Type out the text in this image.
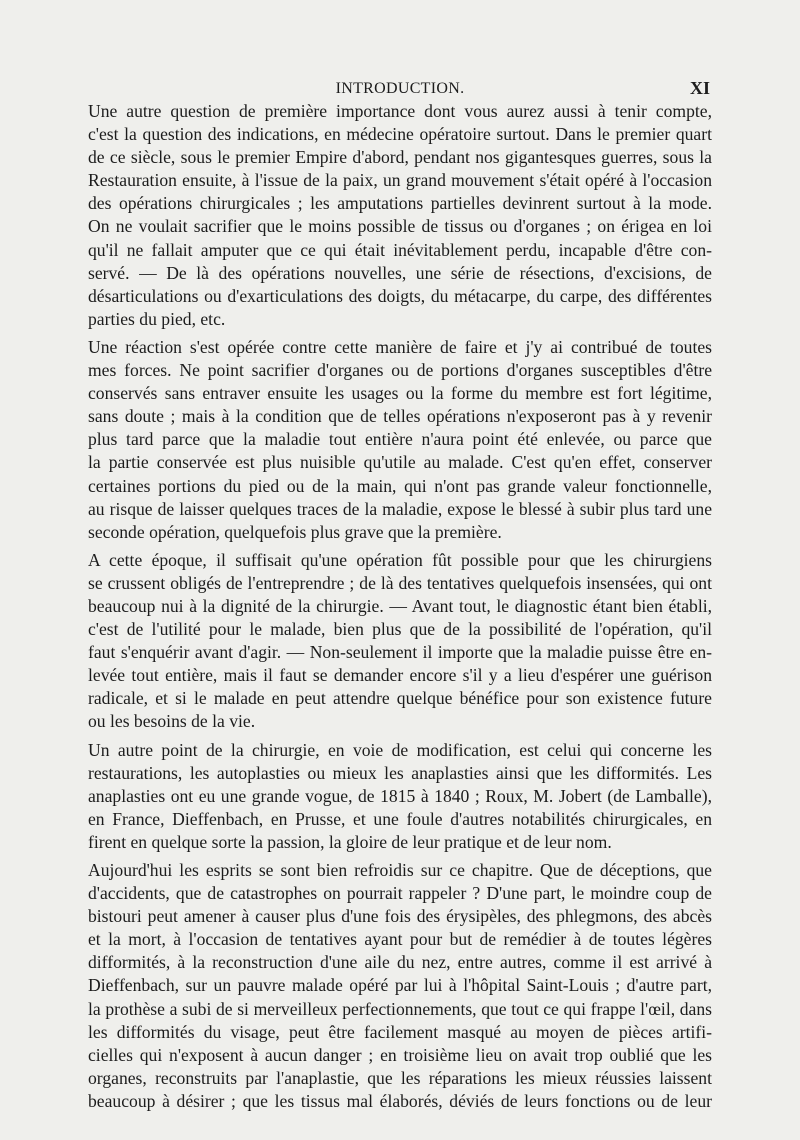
INTRODUCTION.	XI
Une autre question de première importance dont vous aurez aussi à tenir compte,
c'est la question des indications, en médecine opératoire surtout. Dans le premier quart
de ce siècle, sous le premier Empire d'abord, pendant nos gigantesques guerres, sous la
Restauration ensuite, à l'issue de la paix, un grand mouvement s'était opéré à l'occasion
des opérations chirurgicales ; les amputations partielles devinrent surtout à la mode.
On ne voulait sacrifier que le moins possible de tissus ou d'organes ; on érigea en loi
qu'il ne fallait amputer que ce qui était inévitablement perdu, incapable d'être con-
servé. — De là des opérations nouvelles, une série de résections, d'excisions, de
désarticulations ou d'exarticulations des doigts, du métacarpe, du carpe, des différentes
parties du pied, etc.
Une réaction s'est opérée contre cette manière de faire et j'y ai contribué de toutes
mes forces. Ne point sacrifier d'organes ou de portions d'organes susceptibles d'être
conservés sans entraver ensuite les usages ou la forme du membre est fort légitime,
sans doute ; mais à la condition que de telles opérations n'exposeront pas à y revenir
plus tard parce que la maladie tout entière n'aura point été enlevée, ou parce que
la partie conservée est plus nuisible qu'utile au malade. C'est qu'en effet, conserver
certaines portions du pied ou de la main, qui n'ont pas grande valeur fonctionnelle,
au risque de laisser quelques traces de la maladie, expose le blessé à subir plus tard une
seconde opération, quelquefois plus grave que la première.
A cette époque, il suffisait qu'une opération fût possible pour que les chirurgiens
se crussent obligés de l'entreprendre ; de là des tentatives quelquefois insensées, qui ont
beaucoup nui à la dignité de la chirurgie. — Avant tout, le diagnostic étant bien établi,
c'est de l'utilité pour le malade, bien plus que de la possibilité de l'opération, qu'il
faut s'enquérir avant d'agir. — Non-seulement il importe que la maladie puisse être en-
levée tout entière, mais il faut se demander encore s'il y a lieu d'espérer une guérison
radicale, et si le malade en peut attendre quelque bénéfice pour son existence future
ou les besoins de la vie.
Un autre point de la chirurgie, en voie de modification, est celui qui concerne les
restaurations, les autoplasties ou mieux les anaplasties ainsi que les difformités. Les
anaplasties ont eu une grande vogue, de 1815 à 1840 ; Roux, M. Jobert (de Lamballe),
en France, Dieffenbach, en Prusse, et une foule d'autres notabilités chirurgicales, en
firent en quelque sorte la passion, la gloire de leur pratique et de leur nom.
Aujourd'hui les esprits se sont bien refroidis sur ce chapitre. Que de déceptions, que
d'accidents, que de catastrophes on pourrait rappeler ? D'une part, le moindre coup de
bistouri peut amener à causer plus d'une fois des érysipèles, des phlegmons, des abcès
et la mort, à l'occasion de tentatives ayant pour but de remédier à de toutes légères
difformités, à la reconstruction d'une aile du nez, entre autres, comme il est arrivé à
Dieffenbach, sur un pauvre malade opéré par lui à l'hôpital Saint-Louis ; d'autre part,
la prothèse a subi de si merveilleux perfectionnements, que tout ce qui frappe l'œil, dans
les difformités du visage, peut être facilement masqué au moyen de pièces artifi-
cielles qui n'exposent à aucun danger ; en troisième lieu on avait trop oublié que les
organes, reconstruits par l'anaplastie, que les réparations les mieux réussies laissent
beaucoup à désirer ; que les tissus mal élaborés, déviés de leurs fonctions ou de leur
